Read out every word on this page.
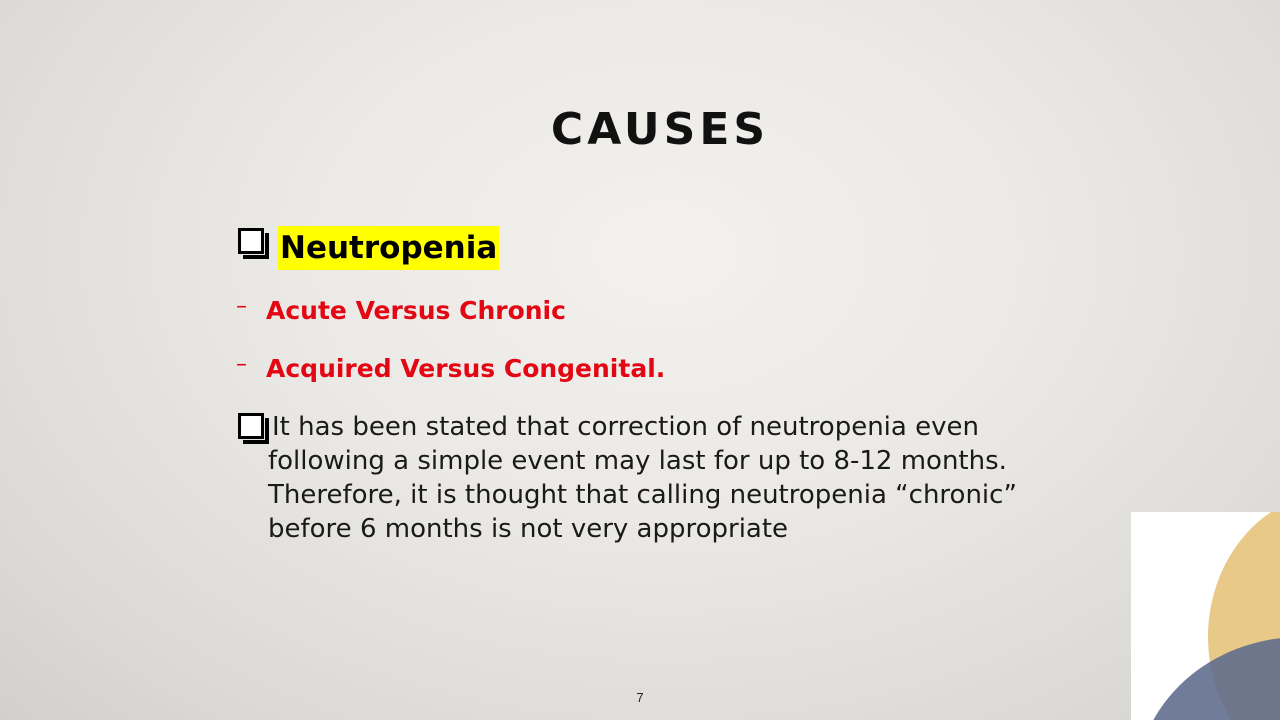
CAUSES
Neutropenia
– Acute Versus Chronic
– Acquired Versus Congenital.

It has been stated that correction of neutropenia even
following a simple event may last for up to 8-12 months.
Therefore, it is thought that calling neutropenia “chronic”
before 6 months is not very appropriate

7
